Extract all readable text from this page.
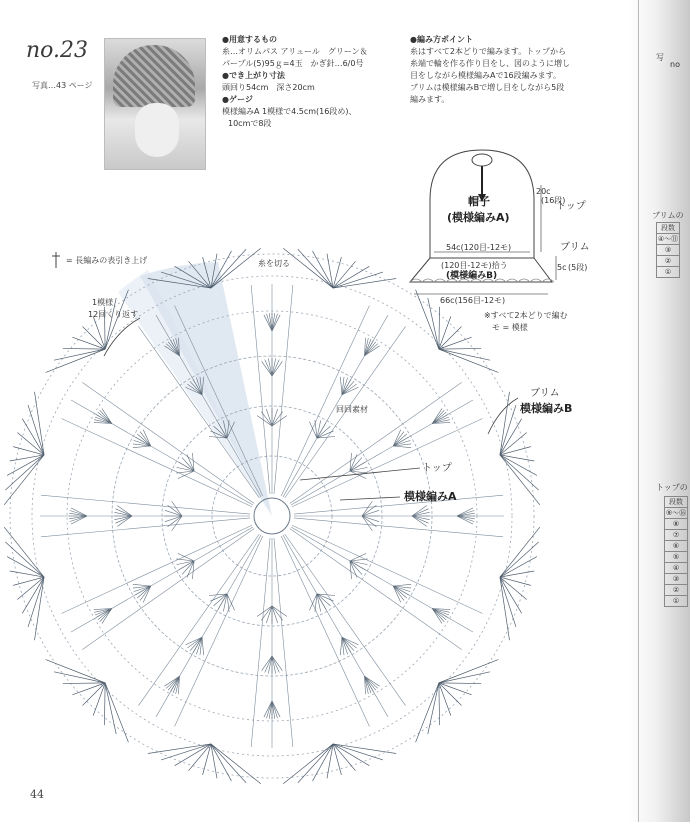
no.23
写真…43 ページ
●用意するもの
糸…オリムパス アリュール　グリーン＆
パープル(5)95ｇ=4玉　 かぎ針…6/0号
●でき上がり寸法
頭回り54cm　深さ20cm
●ゲージ
模様編みA 1模様で4.5cm(16段め)、
10cmで8段
●編み方ポイント
糸はすべて2本どりで編みます。トップから
糸端で輪を作る作り目をし、図のように増し
目をしながら模様編みAで16段編みます。
ブリムは模様編みBで増し目をしながら5段
編みます。
帽子
(模様編みA)
20c
(16段)
トップ
ブリム
5c (5段)
54c(120目-12モ)
(120目-12モ)拾う
(模様編みB)
66c(156目-12モ)
※すべて2本どりで編む
モ = 模様
= 長編みの表引き上げ	糸を切る
1模様
12回くり返す
ブリム
模様編みB
トップ
模様編みA
回回素材
写
no
ブリムの
段数
④〜⑪
③
②
①
トップの
段数
⑨〜⑯
⑧
⑦
⑥
⑤
④
③
②
①
44
